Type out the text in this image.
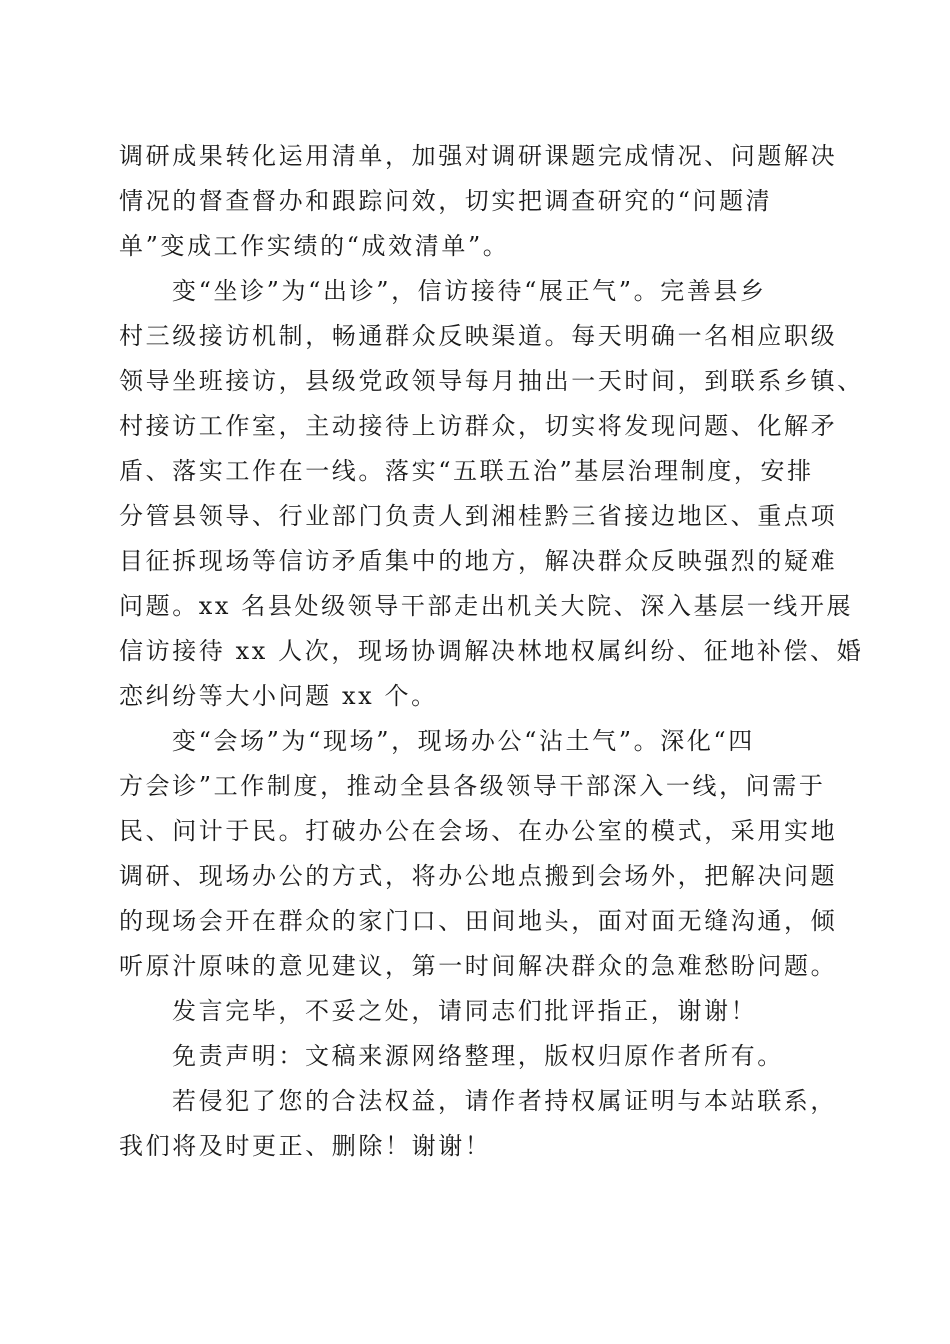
调研成果转化运用清单，加强对调研课题完成情况、问题解决
情况的督查督办和跟踪问效，切实把调查研究的“问题清
单”变成工作实绩的“成效清单”。
变“坐诊”为“出诊”，信访接待“展正气”。完善县乡
村三级接访机制，畅通群众反映渠道。每天明确一名相应职级
领导坐班接访，县级党政领导每月抽出一天时间，到联系乡镇、
村接访工作室，主动接待上访群众，切实将发现问题、化解矛
盾、落实工作在一线。落实“五联五治”基层治理制度，安排
分管县领导、行业部门负责人到湘桂黔三省接边地区、重点项
目征拆现场等信访矛盾集中的地方，解决群众反映强烈的疑难
问题。xx 名县处级领导干部走出机关大院、深入基层一线开展
信访接待 xx 人次，现场协调解决林地权属纠纷、征地补偿、婚
恋纠纷等大小问题 xx 个。
变“会场”为“现场”，现场办公“沾土气”。深化“四
方会诊”工作制度，推动全县各级领导干部深入一线，问需于
民、问计于民。打破办公在会场、在办公室的模式，采用实地
调研、现场办公的方式，将办公地点搬到会场外，把解决问题
的现场会开在群众的家门口、田间地头，面对面无缝沟通，倾
听原汁原味的意见建议，第一时间解决群众的急难愁盼问题。
发言完毕，不妥之处，请同志们批评指正，谢谢！
免责声明：文稿来源网络整理，版权归原作者所有。
若侵犯了您的合法权益，请作者持权属证明与本站联系，
我们将及时更正、删除！谢谢！
